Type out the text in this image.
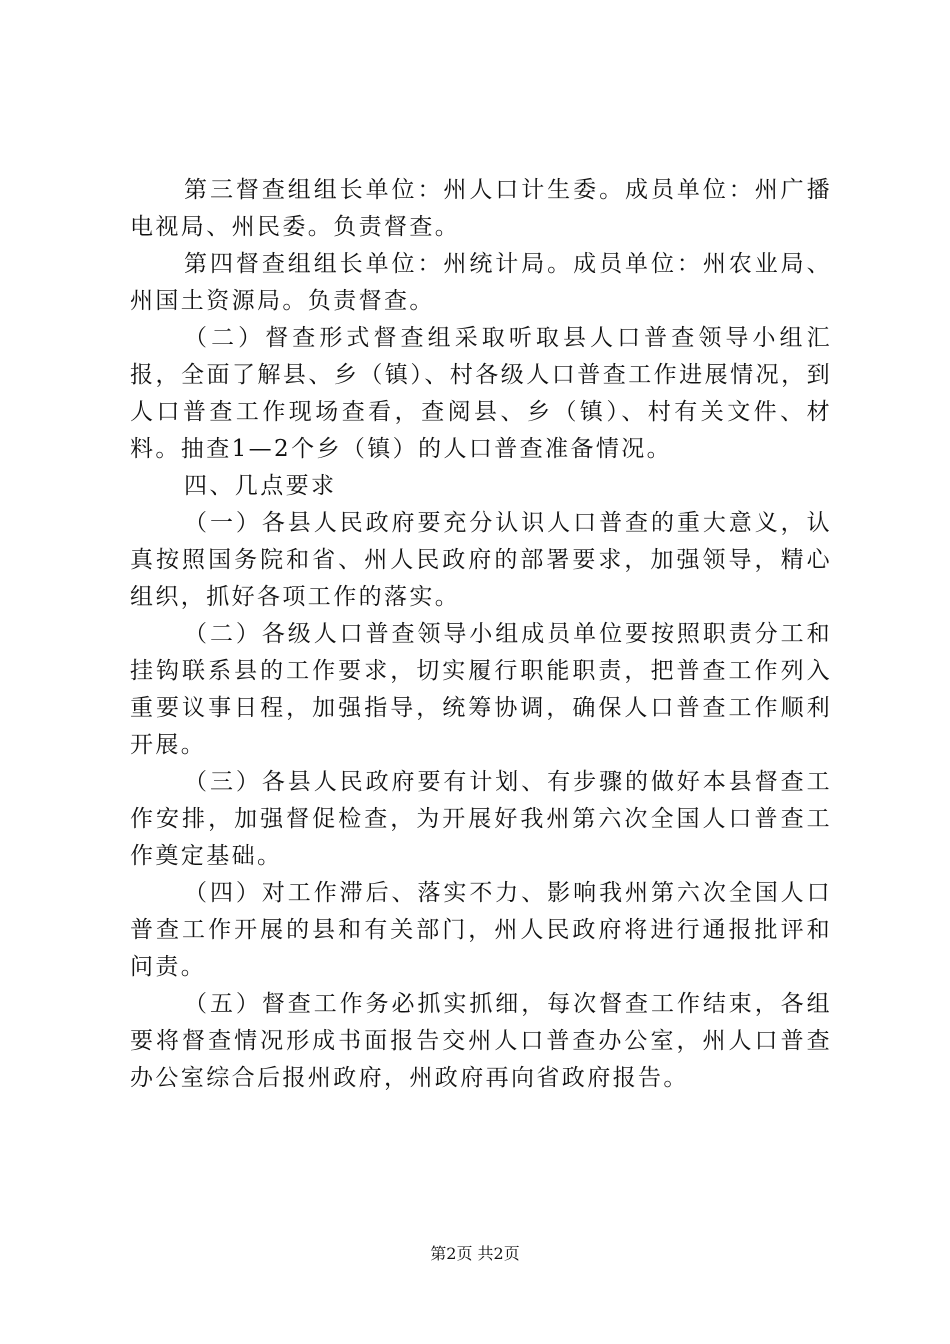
第三督查组组长单位：州人口计生委。成员单位：州广播电视局、州民委。负责督查。

第四督查组组长单位：州统计局。成员单位：州农业局、州国土资源局。负责督查。

（二）督查形式督查组采取听取县人口普查领导小组汇报，全面了解县、乡（镇）、村各级人口普查工作进展情况，到人口普查工作现场查看，查阅县、乡（镇）、村有关文件、材料。抽查1—2个乡（镇）的人口普查准备情况。

四、几点要求

（一）各县人民政府要充分认识人口普查的重大意义，认真按照国务院和省、州人民政府的部署要求，加强领导，精心组织，抓好各项工作的落实。

（二）各级人口普查领导小组成员单位要按照职责分工和挂钩联系县的工作要求，切实履行职能职责，把普查工作列入重要议事日程，加强指导，统筹协调，确保人口普查工作顺利开展。

（三）各县人民政府要有计划、有步骤的做好本县督查工作安排，加强督促检查，为开展好我州第六次全国人口普查工作奠定基础。

（四）对工作滞后、落实不力、影响我州第六次全国人口普查工作开展的县和有关部门，州人民政府将进行通报批评和问责。

（五）督查工作务必抓实抓细，每次督查工作结束，各组要将督查情况形成书面报告交州人口普查办公室，州人口普查办公室综合后报州政府，州政府再向省政府报告。

第2页 共2页
